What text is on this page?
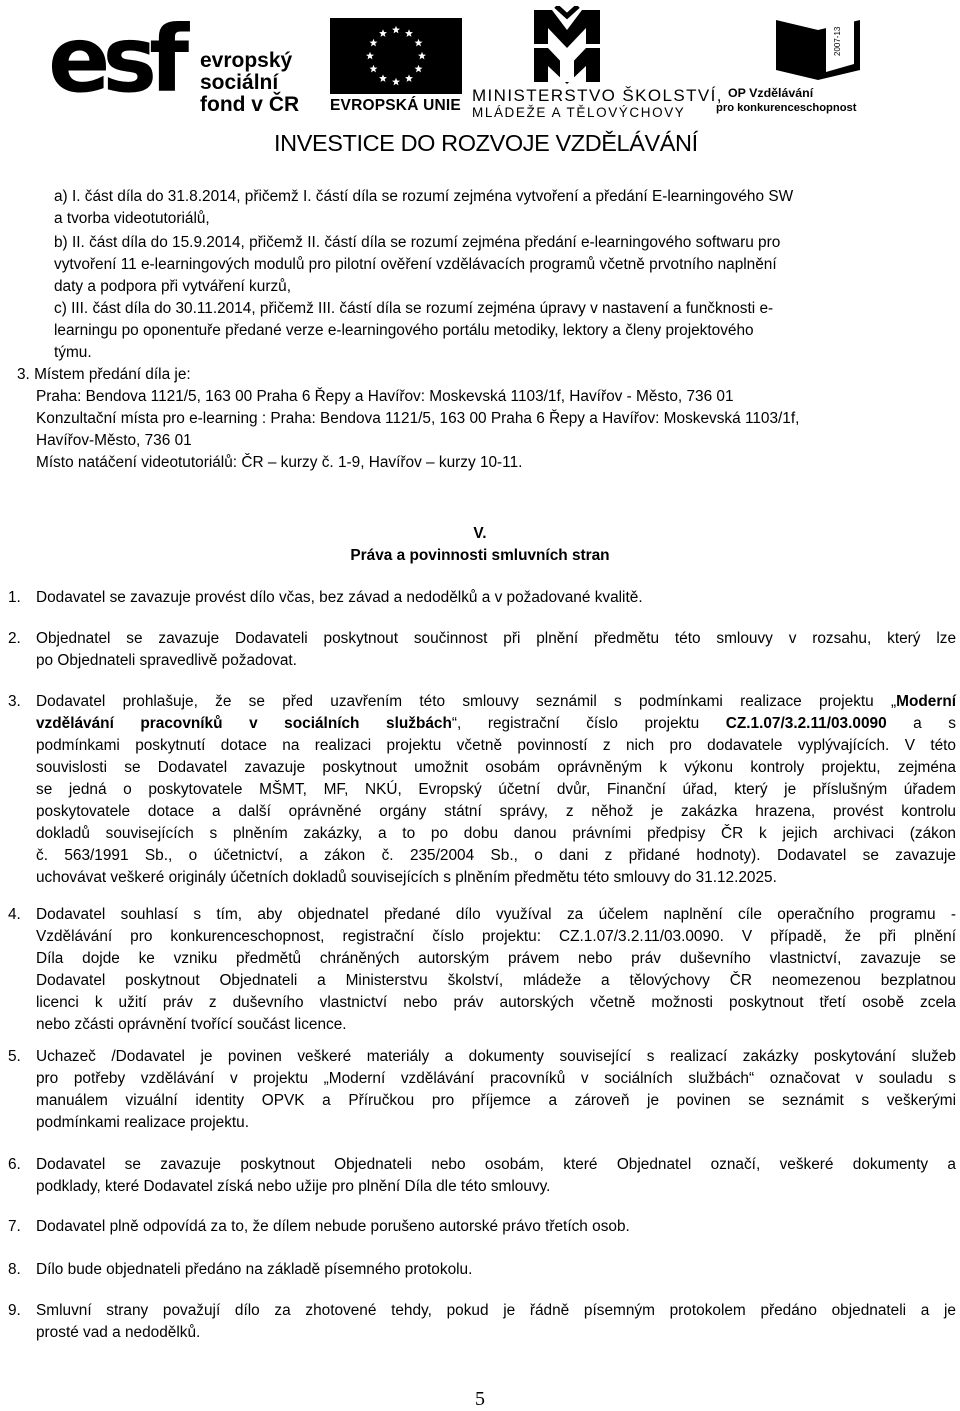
esf evropský
sociální
fond v ČR EVROPSKÁ UNIE
MINISTERSTVO ŠKOLSTVÍ,
MLÁDEŽE A TĚLOVÝCHOVY
2007-13
OP Vzdělávání
pro konkurenceschopnost
INVESTICE DO ROZVOJE VZDĚLÁVÁNÍ
a) I. část díla do 31.8.2014, přičemž I. částí díla se rozumí zejména vytvoření a předání E-learningového SW
a tvorba videotutoriálů,
b) II. část díla do 15.9.2014, přičemž II. částí díla se rozumí zejména předání e-learningového softwaru pro
vytvoření 11 e-learningových modulů pro pilotní ověření vzdělávacích programů včetně prvotního naplnění
daty a podpora při vytváření kurzů,
c) III. část díla do 30.11.2014, přičemž III. částí díla se rozumí zejména úpravy v nastavení a funčknosti e-
learningu po oponentuře předané verze e-learningového portálu metodiky, lektory a členy projektového
týmu.
3. Místem předání díla je:
Praha: Bendova 1121/5, 163 00 Praha 6 Řepy a Havířov: Moskevská 1103/1f, Havířov - Město, 736 01
Konzultační místa pro e-learning : Praha: Bendova 1121/5, 163 00 Praha 6 Řepy a Havířov: Moskevská 1103/1f,
Havířov-Město, 736 01
Místo natáčení videotutoriálů: ČR – kurzy č. 1-9, Havířov – kurzy 10-11.
V.
Práva a povinnosti smluvních stran
1.
2.
3.
4.
5.
6.
7.
8.
9.
Dodavatel se zavazuje provést dílo včas, bez závad a nedodělků a v požadované kvalitě.
Objednatel se zavazuje Dodavateli poskytnout součinnost při plnění předmětu této smlouvy v rozsahu, který lze
po Objednateli spravedlivě požadovat.
Dodavatel prohlašuje, že se před uzavřením této smlouvy seznámil s podmínkami realizace projektu „Moderní
vzdělávání pracovníků v sociálních službách“, registrační číslo projektu CZ.1.07/3.2.11/03.0090 a s
podmínkami poskytnutí dotace na realizaci projektu včetně povinností z nich pro dodavatele vyplývajících. V této
souvislosti se Dodavatel zavazuje poskytnout umožnit osobám oprávněným k výkonu kontroly projektu, zejména
se jedná o poskytovatele MŠMT, MF, NKÚ, Evropský účetní dvůr, Finanční úřad, který je příslušným úřadem
poskytovatele dotace a další oprávněné orgány státní správy, z něhož je zakázka hrazena, provést kontrolu
dokladů souvisejících s plněním zakázky, a to po dobu danou právními předpisy ČR k jejich archivaci (zákon
č. 563/1991 Sb., o účetnictví, a zákon č. 235/2004 Sb., o dani z přidané hodnoty). Dodavatel se zavazuje
uchovávat veškeré originály účetních dokladů souvisejících s plněním předmětu této smlouvy do 31.12.2025.
Dodavatel souhlasí s tím, aby objednatel předané dílo využíval za účelem naplnění cíle operačního programu -
Vzdělávání pro konkurenceschopnost, registrační číslo projektu: CZ.1.07/3.2.11/03.0090. V případě, že při plnění
Díla dojde ke vzniku předmětů chráněných autorským právem nebo práv duševního vlastnictví, zavazuje se
Dodavatel poskytnout Objednateli a Ministerstvu školství, mládeže a tělovýchovy ČR neomezenou bezplatnou
licenci k užití práv z duševního vlastnictví nebo práv autorských včetně možnosti poskytnout třetí osobě zcela
nebo zčásti oprávnění tvořící součást licence.
Uchazeč /Dodavatel je povinen veškeré materiály a dokumenty související s realizací zakázky poskytování služeb
pro potřeby vzdělávání v projektu „Moderní vzdělávání pracovníků v sociálních službách“ označovat v souladu s
manuálem vizuální identity OPVK a Příručkou pro příjemce a zároveň je povinen se seznámit s veškerými
podmínkami realizace projektu.
Dodavatel se zavazuje poskytnout Objednateli nebo osobám, které Objednatel označí, veškeré dokumenty a
podklady, které Dodavatel získá nebo užije pro plnění Díla dle této smlouvy.
Dodavatel plně odpovídá za to, že dílem nebude porušeno autorské právo třetích osob.
Dílo bude objednateli předáno na základě písemného protokolu.
Smluvní strany považují dílo za zhotovené tehdy, pokud je řádně písemným protokolem předáno objednateli a je
prosté vad a nedodělků.
5
